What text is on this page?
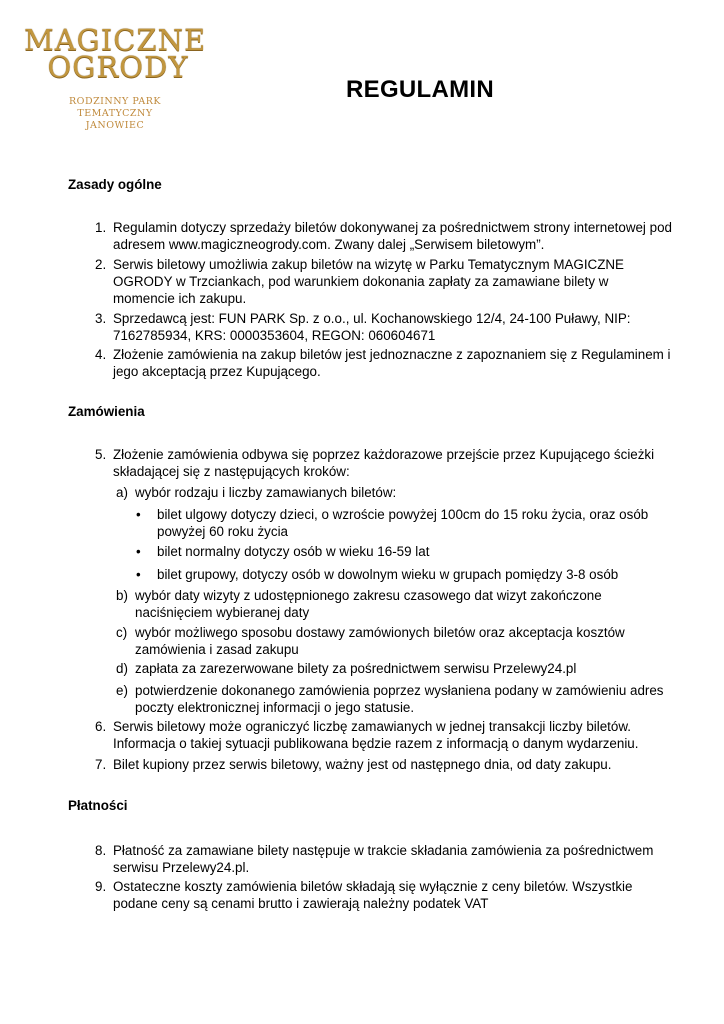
MAGICZNE
OGRODY
RODZINNY PARK TEMATYCZNY
JANOWIEC
REGULAMIN
Zasady ogólne
1. Regulamin dotyczy sprzedaży biletów dokonywanej za pośrednictwem strony internetowej pod adresem www.magiczneogrody.com. Zwany dalej „Serwisem biletowym”.
2. Serwis biletowy umożliwia zakup biletów na wizytę w Parku Tematycznym MAGICZNE OGRODY w Trzciankach, pod warunkiem dokonania zapłaty za zamawiane bilety w momencie ich zakupu.
3. Sprzedawcą jest: FUN PARK Sp. z o.o., ul. Kochanowskiego 12/4, 24-100 Puławy, NIP: 7162785934, KRS: 0000353604, REGON: 060604671
4. Złożenie zamówienia na zakup biletów jest jednoznaczne z zapoznaniem się z Regulaminem i jego akceptacją przez Kupującego.
Zamówienia
5. Złożenie zamówienia odbywa się poprzez każdorazowe przejście przez Kupującego ścieżki składającej się z następujących kroków:
a) wybór rodzaju i liczby zamawianych biletów:
• bilet ulgowy dotyczy dzieci, o wzroście powyżej 100cm do 15 roku życia, oraz osób powyżej 60 roku życia
• bilet normalny dotyczy osób w wieku 16-59 lat
• bilet grupowy, dotyczy osób w dowolnym wieku w grupach pomiędzy 3-8 osób
b) wybór daty wizyty z udostępnionego zakresu czasowego dat wizyt zakończone naciśnięciem wybieranej daty
c) wybór możliwego sposobu dostawy zamówionych biletów oraz akceptacja kosztów zamówienia i zasad zakupu
d) zapłata za zarezerwowane bilety za pośrednictwem serwisu Przelewy24.pl
e) potwierdzenie dokonanego zamówienia poprzez wysłaniena podany w zamówieniu adres poczty elektronicznej informacji o jego statusie.
6. Serwis biletowy może ograniczyć liczbę zamawianych w jednej transakcji liczby biletów. Informacja o takiej sytuacji publikowana będzie razem z informacją o danym wydarzeniu.
7. Bilet kupiony przez serwis biletowy, ważny jest od następnego dnia, od daty zakupu.
Płatności
8. Płatność za zamawiane bilety następuje w trakcie składania zamówienia za pośrednictwem serwisu Przelewy24.pl.
9. Ostateczne koszty zamówienia biletów składają się wyłącznie z ceny biletów. Wszystkie podane ceny są cenami brutto i zawierają należny podatek VAT
